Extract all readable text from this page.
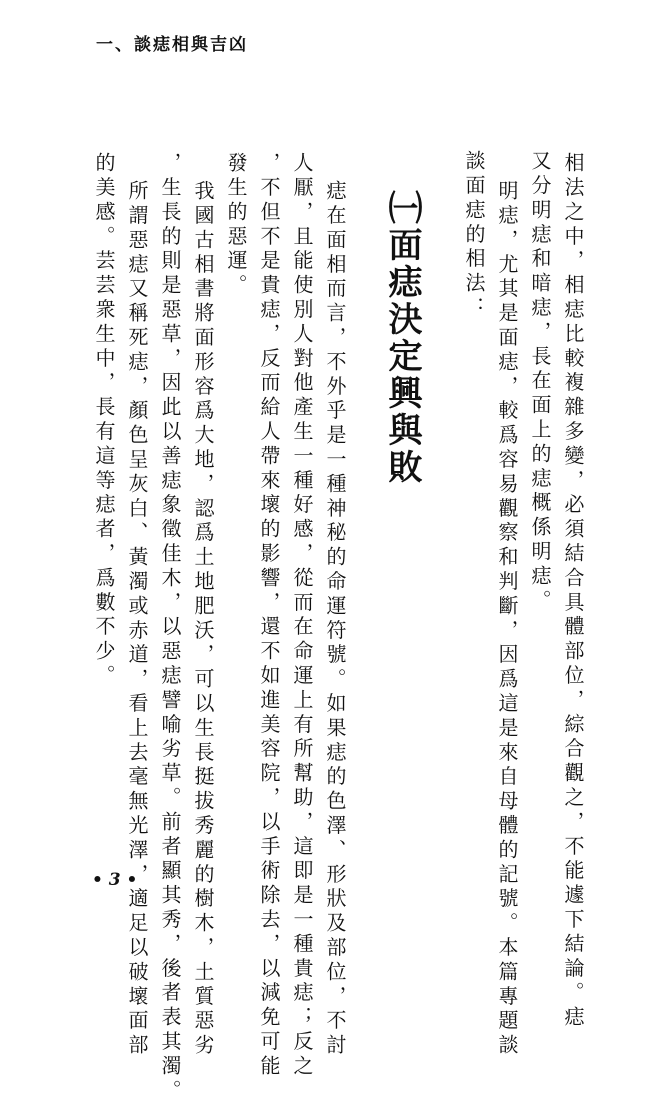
一、談痣相與吉凶
相法之中，相痣比較複雜多變，必須結合具體部位，綜合觀之，不能遽下結論。痣
又分明痣和暗痣，長在面上的痣概係明痣。
明痣，尤其是面痣，較爲容易觀察和判斷，因爲這是來自母體的記號。本篇專題談
談面痣的相法：
㈠面痣決定興與敗
痣在面相而言，不外乎是一種神秘的命運符號。如果痣的色澤、形狀及部位，不討
人厭，且能使別人對他產生一種好感，從而在命運上有所幫助，這即是一種貴痣；反之
，不但不是貴痣，反而給人帶來壞的影響，還不如進美容院，以手術除去，以減免可能
發生的惡運。
我國古相書將面形容爲大地，認爲土地肥沃，可以生長挺拔秀麗的樹木，土質惡劣
，生長的則是惡草，因此以善痣象徵佳木，以惡痣譬喻劣草。前者顯其秀，後者表其濁。
所謂惡痣又稱死痣，顏色呈灰白、黃濁或赤道，看上去毫無光澤，適足以破壞面部
的美感。芸芸衆生中，長有這等痣者，爲數不少。
• 3 •
